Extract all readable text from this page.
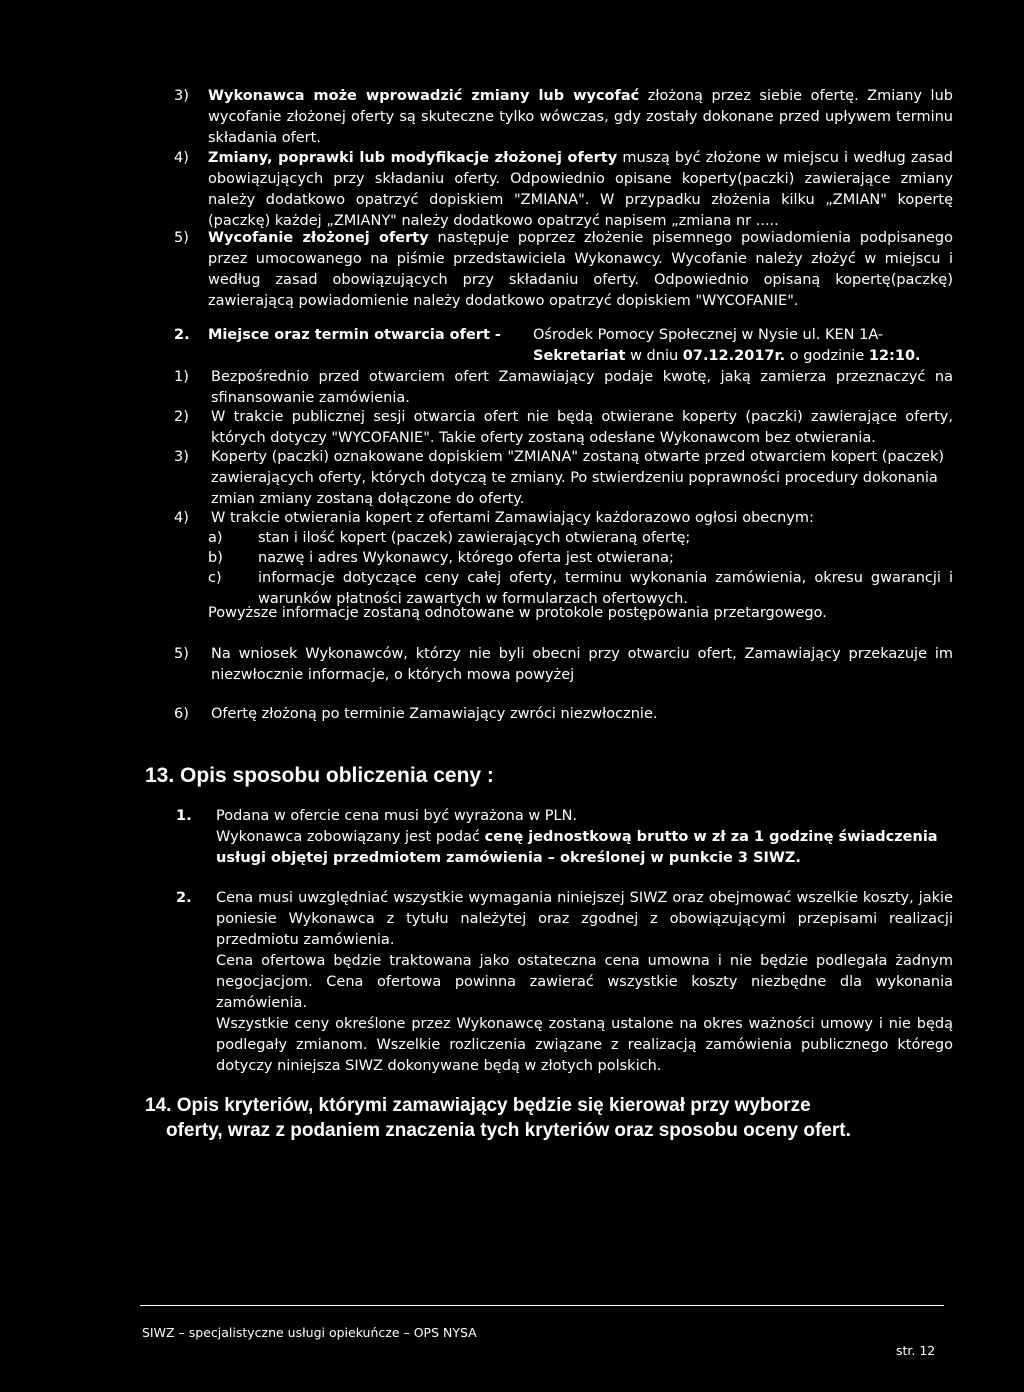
3) Wykonawca może wprowadzić zmiany lub wycofać złożoną przez siebie ofertę. Zmiany lub wycofanie złożonej oferty są skuteczne tylko wówczas, gdy zostały dokonane przed upływem terminu składania ofert.
4) Zmiany, poprawki lub modyfikacje złożonej oferty muszą być złożone w miejscu i według zasad obowiązujących przy składaniu oferty. Odpowiednio opisane koperty(paczki) zawierające zmiany należy dodatkowo opatrzyć dopiskiem "ZMIANA". W przypadku złożenia kilku „ZMIAN" kopertę (paczkę) każdej „ZMIANY" należy dodatkowo opatrzyć napisem „zmiana nr .....
5) Wycofanie złożonej oferty następuje poprzez złożenie pisemnego powiadomienia podpisanego przez umocowanego na piśmie przedstawiciela Wykonawcy. Wycofanie należy złożyć w miejscu i według zasad obowiązujących przy składaniu oferty. Odpowiednio opisaną kopertę(paczkę) zawierającą powiadomienie należy dodatkowo opatrzyć dopiskiem "WYCOFANIE".
2. Miejsce oraz termin otwarcia ofert - Ośrodek Pomocy Społecznej w Nysie ul. KEN 1A-
Sekretariat w dniu 07.12.2017r. o godzinie 12:10.
1) Bezpośrednio przed otwarciem ofert Zamawiający podaje kwotę, jaką zamierza przeznaczyć na sfinansowanie zamówienia.
2) W trakcie publicznej sesji otwarcia ofert nie będą otwierane koperty (paczki) zawierające oferty, których dotyczy "WYCOFANIE". Takie oferty zostaną odesłane Wykonawcom bez otwierania.
3) Koperty (paczki) oznakowane dopiskiem "ZMIANA" zostaną otwarte przed otwarciem kopert (paczek) zawierających oferty, których dotyczą te zmiany. Po stwierdzeniu poprawności procedury dokonania zmian zmiany zostaną dołączone do oferty.
4) W trakcie otwierania kopert z ofertami Zamawiający każdorazowo ogłosi obecnym:
a) stan i ilość kopert (paczek) zawierających otwieraną ofertę;
b) nazwę i adres Wykonawcy, którego oferta jest otwierana;
c)	informacje dotyczące ceny całej oferty, terminu wykonania zamówienia, okresu gwarancji i warunków płatności zawartych w formularzach ofertowych.
Powyższe informacje zostaną odnotowane w protokole postępowania przetargowego.
5) Na wniosek Wykonawców, którzy nie byli obecni przy otwarciu ofert, Zamawiający przekazuje im niezwłocznie informacje, o których mowa powyżej
6) Ofertę złożoną po terminie Zamawiający zwróci niezwłocznie.
13. Opis sposobu obliczenia ceny :
1. Podana w ofercie cena musi być wyrażona w PLN.
Wykonawca zobowiązany jest podać cenę jednostkową brutto w zł za 1 godzinę świadczenia usługi objętej przedmiotem zamówienia – określonej w punkcie 3 SIWZ.
2. Cena musi uwzględniać wszystkie wymagania niniejszej SIWZ oraz obejmować wszelkie koszty, jakie poniesie Wykonawca z tytułu należytej oraz zgodnej z obowiązującymi przepisami realizacji przedmiotu zamówienia.
Cena ofertowa będzie traktowana jako ostateczna cena umowna i nie będzie podlegała żadnym negocjacjom. Cena ofertowa powinna zawierać wszystkie koszty niezbędne dla wykonania zamówienia.
Wszystkie ceny określone przez Wykonawcę zostaną ustalone na okres ważności umowy i nie będą podlegały zmianom. Wszelkie rozliczenia związane z realizacją zamówienia publicznego którego dotyczy niniejsza SIWZ dokonywane będą w złotych polskich.
14. Opis kryteriów, którymi zamawiający będzie się kierował przy wyborze
oferty, wraz z podaniem znaczenia tych kryteriów oraz sposobu oceny ofert.
SIWZ – specjalistyczne usługi opiekuńcze – OPS NYSA
str. 12
